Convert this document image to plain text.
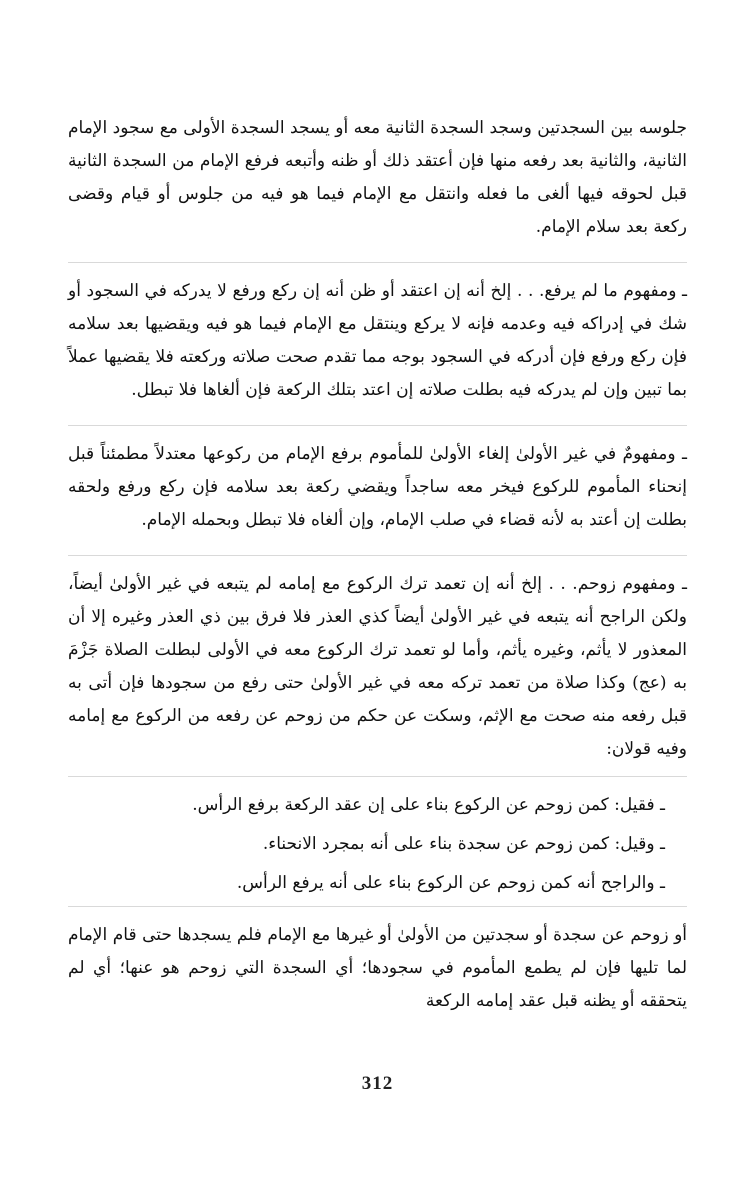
جلوسه بين السجدتين وسجد السجدة الثانية معه أو يسجد السجدة الأولى مع سجود الإمام الثانية، والثانية بعد رفعه منها فإن أعتقد ذلك أو ظنه وأتبعه فرفع الإمام من السجدة الثانية قبل لحوقه فيها ألغى ما فعله وانتقل مع الإمام فيما هو فيه من جلوس أو قيام وقضى ركعة بعد سلام الإمام.

ـ ومفهوم ما لم يرفع. . . إلخ أنه إن اعتقد أو ظن أنه إن ركع ورفع لا يدركه في السجود أو شك في إدراكه فيه وعدمه فإنه لا يركع وينتقل مع الإمام فيما هو فيه ويقضيها بعد سلامه فإن ركع ورفع فإن أدركه في السجود بوجه مما تقدم صحت صلاته وركعته فلا يقضيها عملاً بما تبين وإن لم يدركه فيه بطلت صلاته إن اعتد بتلك الركعة فإن ألغاها فلا تبطل.

ـ ومفهومٌ في غير الأولىٰ إلغاء الأولىٰ للمأموم برفع الإمام من ركوعها معتدلاً مطمئناً قبل إنحناء المأموم للركوع فيخر معه ساجداً ويقضي ركعة بعد سلامه فإن ركع ورفع ولحقه بطلت إن أعتد به لأنه قضاء في صلب الإمام، وإن ألغاه فلا تبطل وبحمله الإمام.

ـ ومفهوم زوحم. . . إلخ أنه إن تعمد ترك الركوع مع إمامه لم يتبعه في غير الأولىٰ أيضاً، ولكن الراجح أنه يتبعه في غير الأولىٰ أيضاً كذي العذر فلا فرق بين ذي العذر وغيره إلا أن المعذور لا يأثم، وغيره يأثم، وأما لو تعمد ترك الركوع معه في الأولى لبطلت الصلاة جَزْمَ به (عج) وكذا صلاة من تعمد تركه معه في غير الأولىٰ حتى رفع من سجودها فإن أتى به قبل رفعه منه صحت مع الإثم، وسكت عن حكم من زوحم عن رفعه من الركوع مع إمامه وفيه قولان:

ـ فقيل: كمن زوحم عن الركوع بناء على إن عقد الركعة برفع الرأس.

ـ وقيل: كمن زوحم عن سجدة بناء على أنه بمجرد الانحناء.

ـ والراجح أنه كمن زوحم عن الركوع بناء على أنه يرفع الرأس.

أو زوحم عن سجدة أو سجدتين من الأولىٰ أو غيرها مع الإمام فلم يسجدها حتى قام الإمام لما تليها فإن لم يطمع المأموم في سجودها؛ أي السجدة التي زوحم هو عنها؛ أي لم يتحققه أو يظنه قبل عقد إمامه الركعة

312
